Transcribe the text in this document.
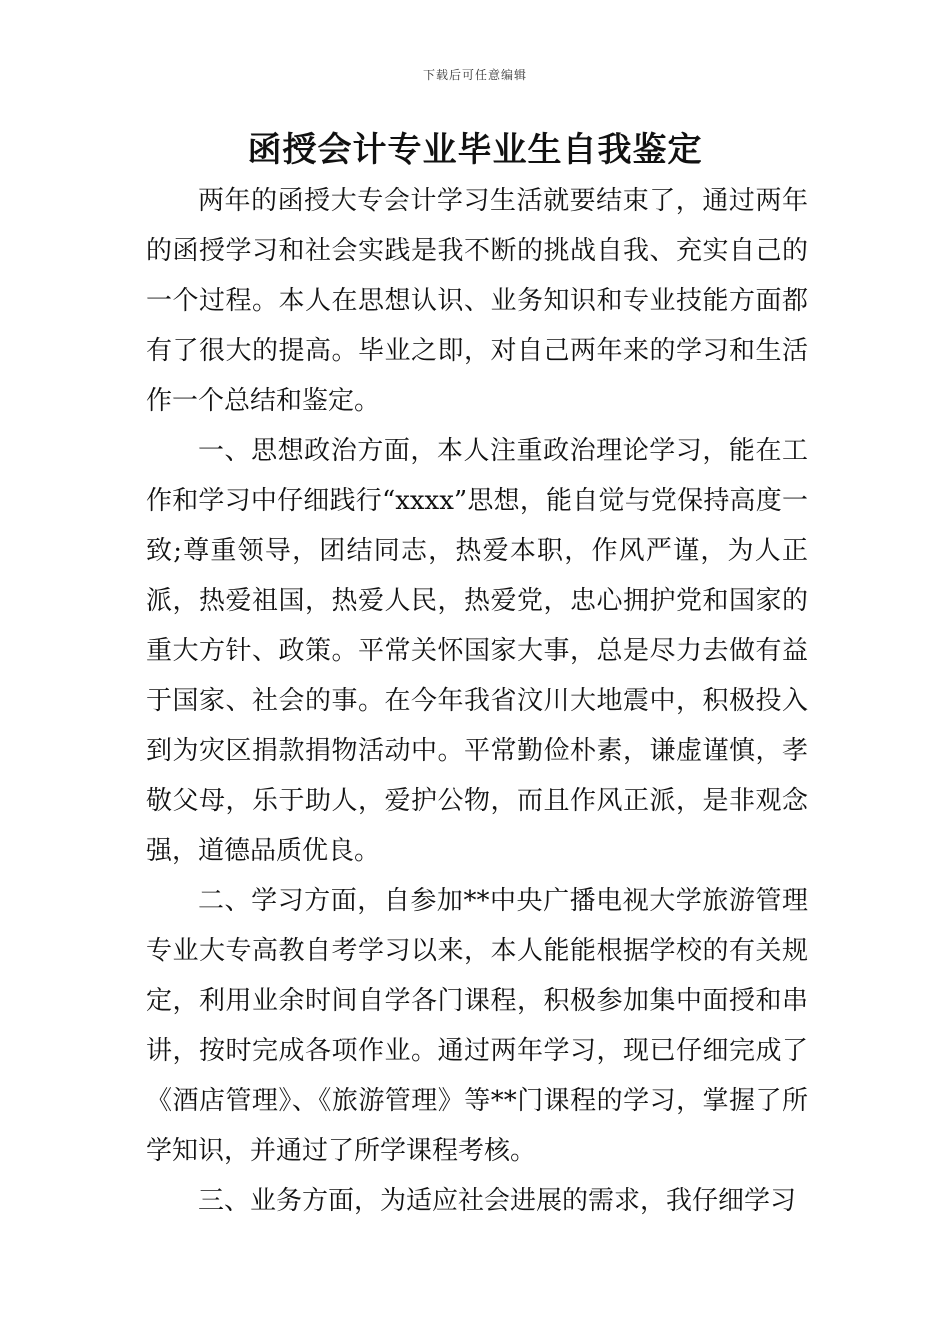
下载后可任意编辑
函授会计专业毕业生自我鉴定

两年的函授大专会计学习生活就要结束了，通过两年的函授学习和社会实践是我不断的挑战自我、充实自己的一个过程。本人在思想认识、业务知识和专业技能方面都有了很大的提高。毕业之即，对自己两年来的学习和生活作一个总结和鉴定。

一、思想政治方面，本人注重政治理论学习，能在工作和学习中仔细践行“xxxx”思想，能自觉与党保持高度一致;尊重领导，团结同志，热爱本职，作风严谨，为人正派，热爱祖国，热爱人民，热爱党，忠心拥护党和国家的重大方针、政策。平常关怀国家大事，总是尽力去做有益于国家、社会的事。在今年我省汶川大地震中，积极投入到为灾区捐款捐物活动中。平常勤俭朴素，谦虚谨慎，孝敬父母，乐于助人，爱护公物，而且作风正派，是非观念强，道德品质优良。

二、学习方面，自参加**中央广播电视大学旅游管理专业大专高教自考学习以来，本人能能根据学校的有关规定，利用业余时间自学各门课程，积极参加集中面授和串讲，按时完成各项作业。通过两年学习，现已仔细完成了《酒店管理》、《旅游管理》等**门课程的学习，掌握了所学知识，并通过了所学课程考核。

三、业务方面，为适应社会进展的需求，我仔细学习
